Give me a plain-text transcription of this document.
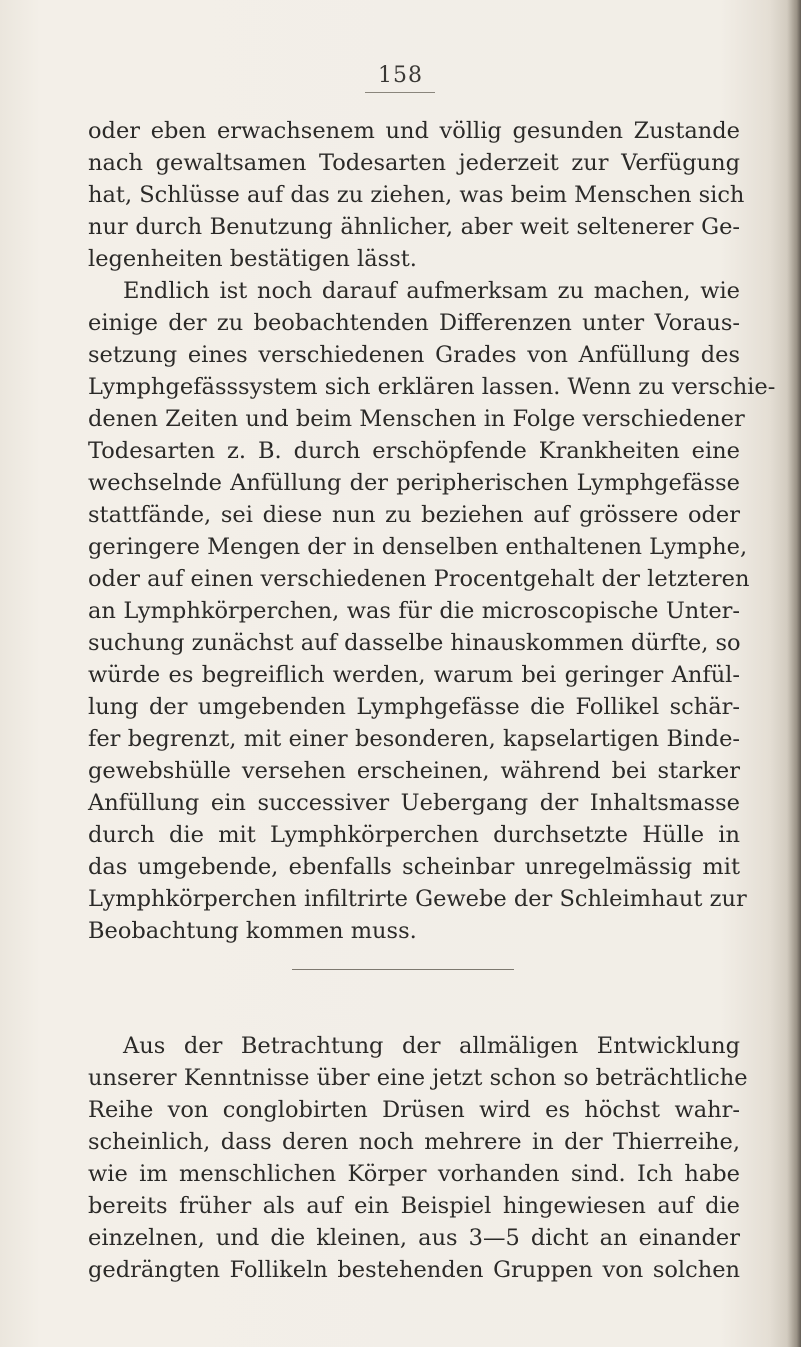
158
oder eben erwachsenem und völlig gesunden Zustande
nach gewaltsamen Todesarten jederzeit zur Verfügung
hat, Schlüsse auf das zu ziehen, was beim Menschen sich
nur durch Benutzung ähnlicher, aber weit seltenerer Ge-
legenheiten bestätigen lässt.
Endlich ist noch darauf aufmerksam zu machen, wie
einige der zu beobachtenden Differenzen unter Voraus-
setzung eines verschiedenen Grades von Anfüllung des
Lymphgefässsystem sich erklären lassen. Wenn zu verschie-
denen Zeiten und beim Menschen in Folge verschiedener
Todesarten z. B. durch erschöpfende Krankheiten eine
wechselnde Anfüllung der peripherischen Lymphgefässe
stattfände, sei diese nun zu beziehen auf grössere oder
geringere Mengen der in denselben enthaltenen Lymphe,
oder auf einen verschiedenen Procentgehalt der letzteren
an Lymphkörperchen, was für die microscopische Unter-
suchung zunächst auf dasselbe hinauskommen dürfte, so
würde es begreiflich werden, warum bei geringer Anfül-
lung der umgebenden Lymphgefässe die Follikel schär-
fer begrenzt, mit einer besonderen, kapselartigen Binde-
gewebshülle versehen erscheinen, während bei starker
Anfüllung ein successiver Uebergang der Inhaltsmasse
durch die mit Lymphkörperchen durchsetzte Hülle in
das umgebende, ebenfalls scheinbar unregelmässig mit
Lymphkörperchen infiltrirte Gewebe der Schleimhaut zur
Beobachtung kommen muss.
Aus der Betrachtung der allmäligen Entwicklung
unserer Kenntnisse über eine jetzt schon so beträchtliche
Reihe von conglobirten Drüsen wird es höchst wahr-
scheinlich, dass deren noch mehrere in der Thierreihe,
wie im menschlichen Körper vorhanden sind. Ich habe
bereits früher als auf ein Beispiel hingewiesen auf die
einzelnen, und die kleinen, aus 3—5 dicht an einander
gedrängten Follikeln bestehenden Gruppen von solchen
